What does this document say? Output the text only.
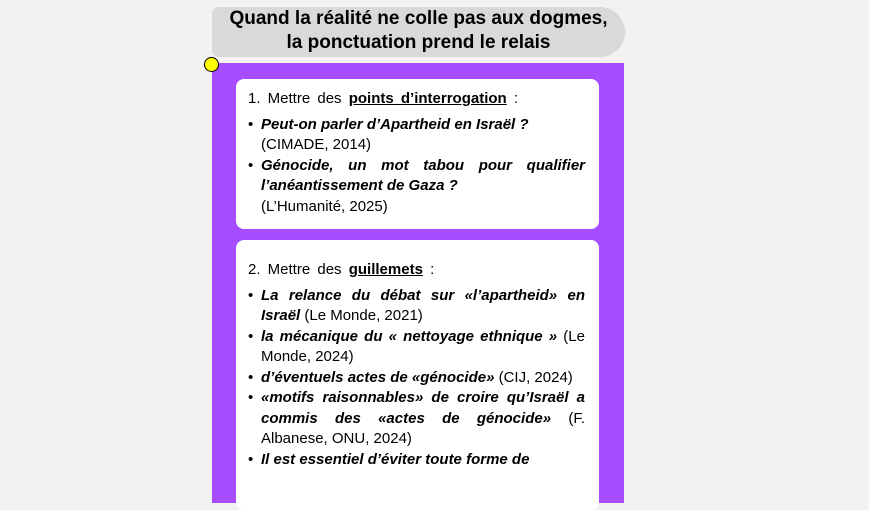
Quand la réalité ne colle pas aux dogmes,
la ponctuation prend le relais
1. Mettre des points d’interrogation :
• Peut-on parler d’Apartheid en Israël ?
(CIMADE, 2014)
• Génocide, un mot tabou pour qualifier l’anéantissement de Gaza ?
(L’Humanité, 2025)
2. Mettre des guillemets :
• La relance du débat sur «l’apartheid» en Israël (Le Monde, 2021)
• la mécanique du « nettoyage ethnique » (Le Monde, 2024)
• d’éventuels actes de «génocide» (CIJ, 2024)
• «motifs raisonnables» de croire qu’Israël a commis des «actes de génocide» (F. Albanese, ONU, 2024)
• Il est essentiel d’éviter toute forme de
